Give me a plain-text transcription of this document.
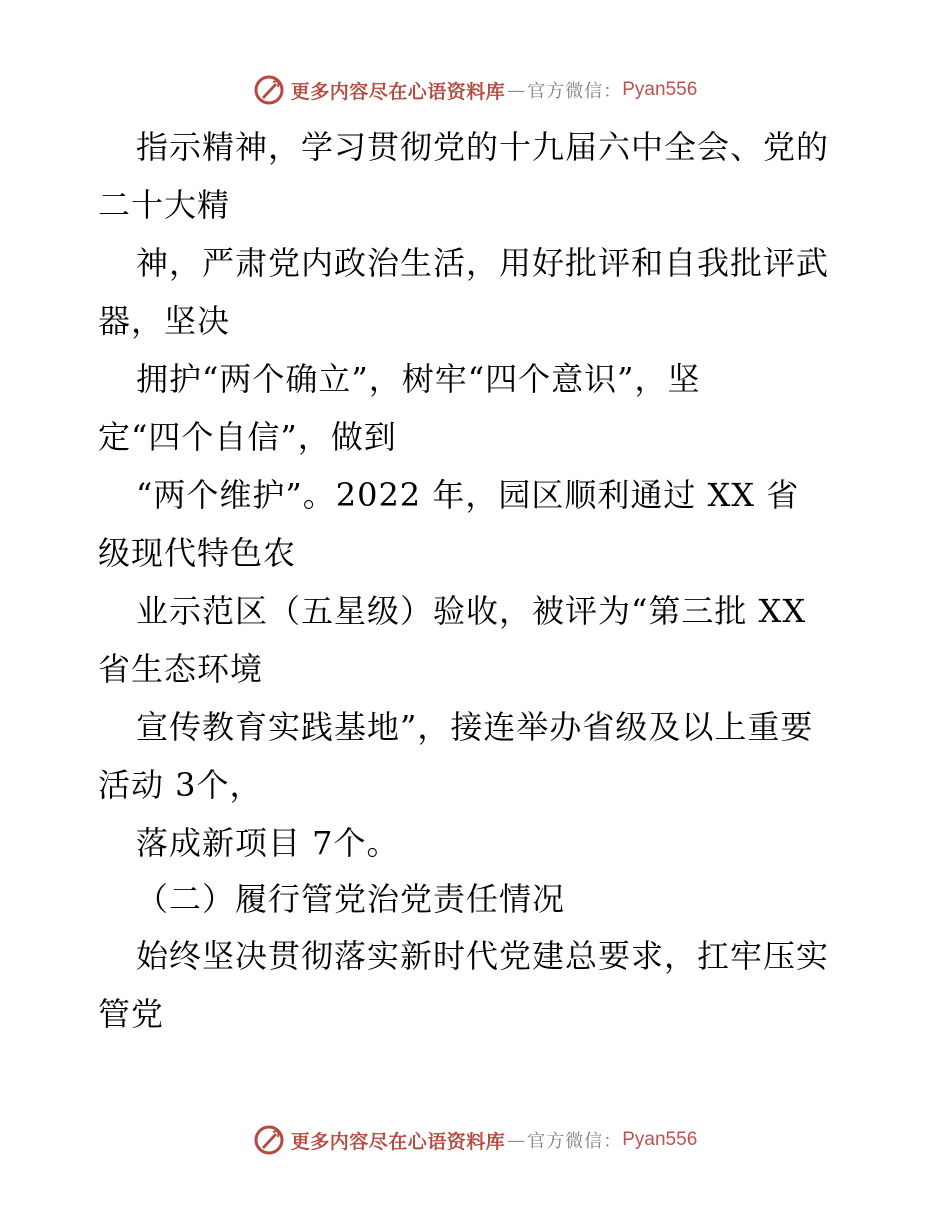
更多内容尽在心语资料库 — 官方微信： Pyan556
指示精神，学习贯彻党的十九届六中全会、党的
二十大精
神，严肃党内政治生活，用好批评和自我批评武
器，坚决
拥护“两个确立”，树牢“四个意识”，坚
定“四个自信”，做到
“两个维护”。2022 年，园区顺利通过 XX 省
级现代特色农
业示范区（五星级）验收，被评为“第三批 XX
省生态环境
宣传教育实践基地”，接连举办省级及以上重要
活动 3个，
落成新项目 7个。
（二）履行管党治党责任情况
始终坚决贯彻落实新时代党建总要求，扛牢压实
管党
更多内容尽在心语资料库 — 官方微信： Pyan556
